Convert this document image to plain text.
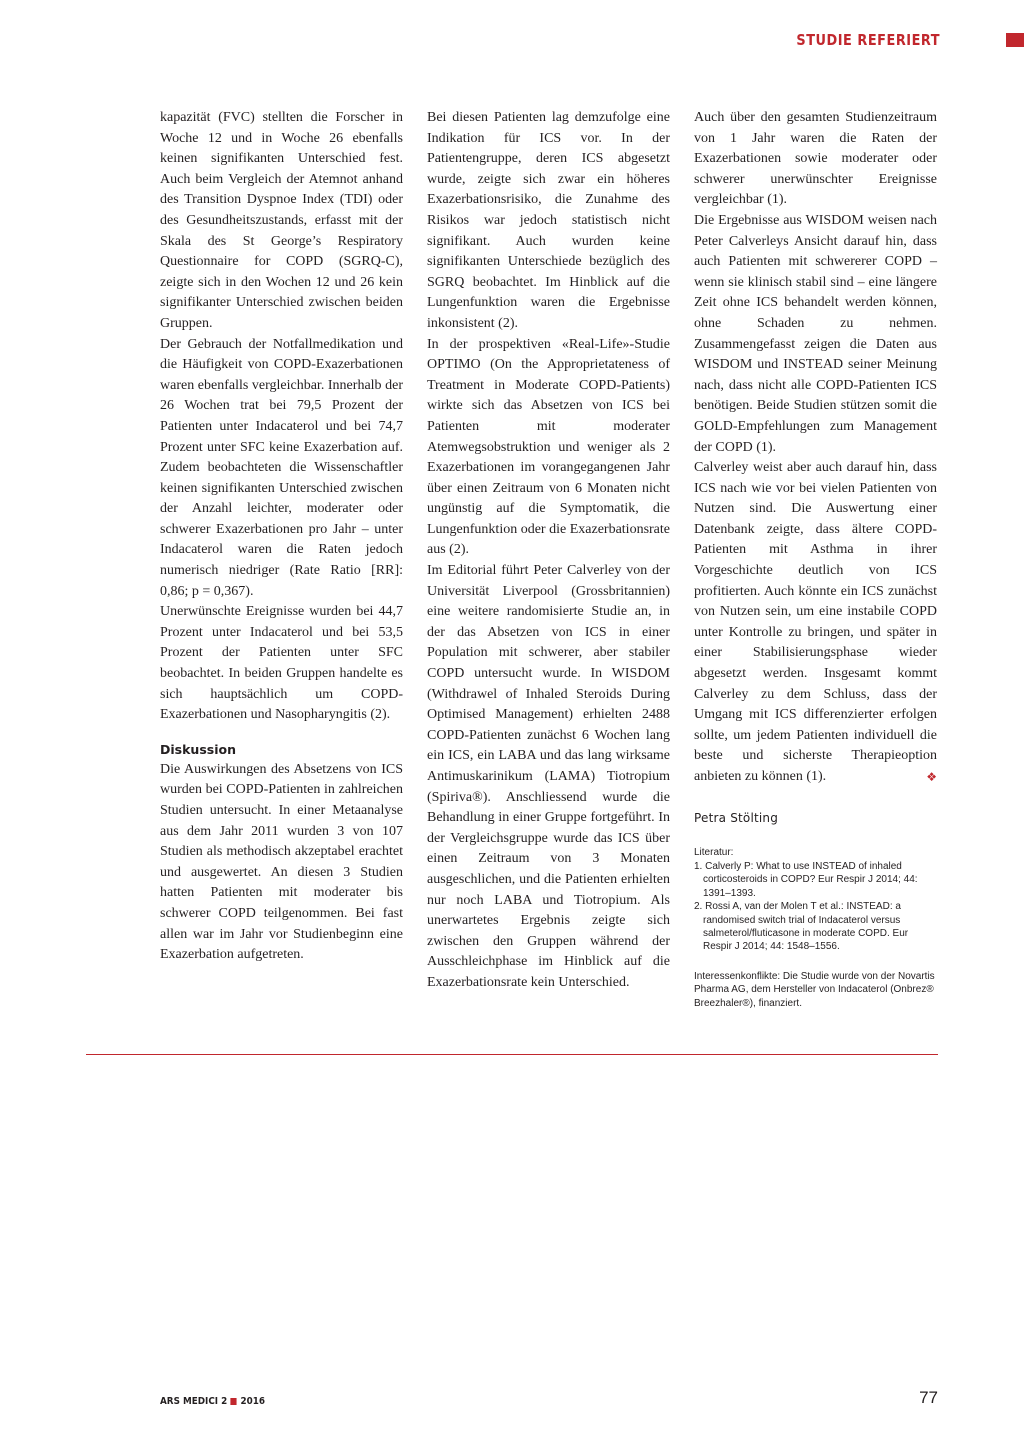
STUDIE REFERIERT

kapazität (FVC) stellten die Forscher in Woche 12 und in Woche 26 ebenfalls keinen signifikanten Unterschied fest. Auch beim Vergleich der Atemnot anhand des Transition Dyspnoe Index (TDI) oder des Gesundheitszustands, erfasst mit der Skala des St George’s Respiratory Questionnaire for COPD (SGRQ-C), zeigte sich in den Wochen 12 und 26 kein signifikanter Unterschied zwischen beiden Gruppen.

Der Gebrauch der Notfallmedikation und die Häufigkeit von COPD-Exazerbationen waren ebenfalls vergleichbar. Innerhalb der 26 Wochen trat bei 79,5 Prozent der Patienten unter Indacaterol und bei 74,7 Prozent unter SFC keine Exazerbation auf. Zudem beobachteten die Wissenschaftler keinen signifikanten Unterschied zwischen der Anzahl leichter, moderater oder schwerer Exazerbationen pro Jahr – unter Indacaterol waren die Raten jedoch numerisch niedriger (Rate Ratio [RR]: 0,86; p = 0,367).

Unerwünschte Ereignisse wurden bei 44,7 Prozent unter Indacaterol und bei 53,5 Prozent der Patienten unter SFC beobachtet. In beiden Gruppen handelte es sich hauptsächlich um COPD-Exazerbationen und Nasopharyngitis (2).

Diskussion

Die Auswirkungen des Absetzens von ICS wurden bei COPD-Patienten in zahlreichen Studien untersucht. In einer Metaanalyse aus dem Jahr 2011 wurden 3 von 107 Studien als methodisch akzeptabel erachtet und ausgewertet. An diesen 3 Studien hatten Patienten mit moderater bis schwerer COPD teilgenommen. Bei fast allen war im Jahr vor Studienbeginn eine Exazerbation aufgetreten.

Bei diesen Patienten lag demzufolge eine Indikation für ICS vor. In der Patientengruppe, deren ICS abgesetzt wurde, zeigte sich zwar ein höheres Exazerbationsrisiko, die Zunahme des Risikos war jedoch statistisch nicht signifikant. Auch wurden keine signifikanten Unterschiede bezüglich des SGRQ beobachtet. Im Hinblick auf die Lungenfunktion waren die Ergebnisse inkonsistent (2).

In der prospektiven «Real-Life»-Studie OPTIMO (On the Approprietateness of Treatment in Moderate COPD-Patients) wirkte sich das Absetzen von ICS bei Patienten mit moderater Atemwegsobstruktion und weniger als 2 Exazerbationen im vorangegangenen Jahr über einen Zeitraum von 6 Monaten nicht ungünstig auf die Symptomatik, die Lungenfunktion oder die Exazerbationsrate aus (2).

Im Editorial führt Peter Calverley von der Universität Liverpool (Grossbritannien) eine weitere randomisierte Studie an, in der das Absetzen von ICS in einer Population mit schwerer, aber stabiler COPD untersucht wurde. In WISDOM (Withdrawel of Inhaled Steroids During Optimised Management) erhielten 2488 COPD-Patienten zunächst 6 Wochen lang ein ICS, ein LABA und das lang wirksame Antimuskarinikum (LAMA) Tiotropium (Spiriva®). Anschliessend wurde die Behandlung in einer Gruppe fortgeführt. In der Vergleichsgruppe wurde das ICS über einen Zeitraum von 3 Monaten ausgeschlichen, und die Patienten erhielten nur noch LABA und Tiotropium. Als unerwartetes Ergebnis zeigte sich zwischen den Gruppen während der Ausschleichphase im Hinblick auf die Exazerbationsrate kein Unterschied.

Auch über den gesamten Studienzeitraum von 1 Jahr waren die Raten der Exazerbationen sowie moderater oder schwerer unerwünschter Ereignisse vergleichbar (1).

Die Ergebnisse aus WISDOM weisen nach Peter Calverleys Ansicht darauf hin, dass auch Patienten mit schwererer COPD – wenn sie klinisch stabil sind – eine längere Zeit ohne ICS behandelt werden können, ohne Schaden zu nehmen. Zusammengefasst zeigen die Daten aus WISDOM und INSTEAD seiner Meinung nach, dass nicht alle COPD-Patienten ICS benötigen. Beide Studien stützen somit die GOLD-Empfehlungen zum Management der COPD (1).

Calverley weist aber auch darauf hin, dass ICS nach wie vor bei vielen Patienten von Nutzen sind. Die Auswertung einer Datenbank zeigte, dass ältere COPD-Patienten mit Asthma in ihrer Vorgeschichte deutlich von ICS profitierten. Auch könnte ein ICS zunächst von Nutzen sein, um eine instabile COPD unter Kontrolle zu bringen, und später in einer Stabilisierungsphase wieder abgesetzt werden. Insgesamt kommt Calverley zu dem Schluss, dass der Umgang mit ICS differenzierter erfolgen sollte, um jedem Patienten individuell die beste und sicherste Therapieoption anbieten zu können (1).	❖

Petra Stölting
Literatur:
1. Calverly P: What to use INSTEAD of inhaled corticosteroids in COPD? Eur Respir J 2014; 44: 1391–1393.
2. Rossi A, van der Molen T et al.: INSTEAD: a randomised switch trial of Indacaterol versus salmeterol/fluticasone in moderate COPD. Eur Respir J 2014; 44: 1548–1556.
Interessenkonflikte: Die Studie wurde von der Novartis Pharma AG, dem Hersteller von Indacaterol (Onbrez® Breezhaler®), finanziert.
ARS MEDICI 2 2016	77
